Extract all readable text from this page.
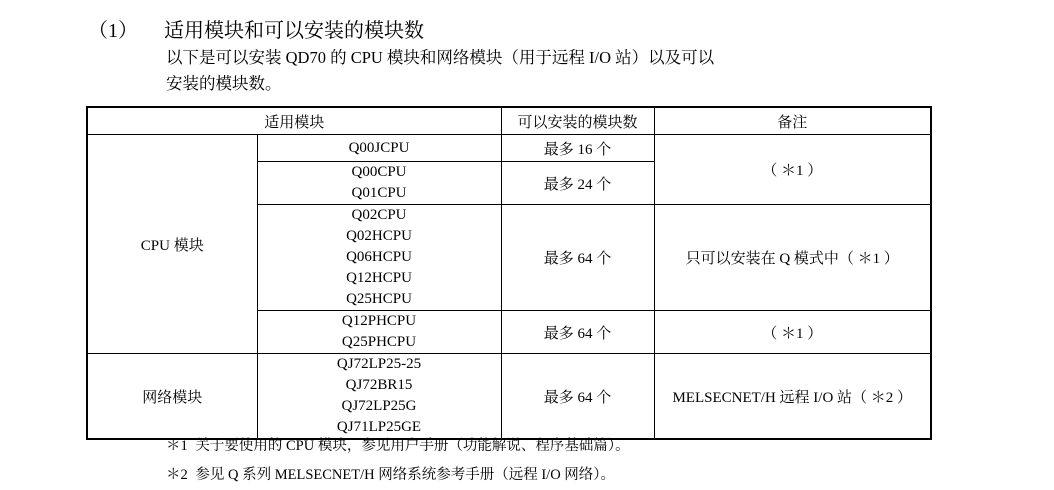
（1） 适用模块和可以安装的模块数
以下是可以安装 QD70 的 CPU 模块和网络模块（用于远程 I/O 站）以及可以
安装的模块数。
适用模块		可以安装的模块数	备注
CPU 模块	Q00JCPU	最多 16 个	（ ＊1 ）

	Q00CPU
Q01CPU	最多 24 个	

	Q02CPU
Q02HCPU
Q06HCPU
Q12HCPU
Q25HCPU	最多 64 个	只可以安装在 Q 模式中（ ＊1 ）

	Q12PHCPU
Q25PHCPU	最多 64 个	（ ＊1 ）
网络模块	QJ72LP25-25
QJ72BR15
QJ72LP25G
QJ71LP25GE	最多 64 个	MELSECNET/H 远程 I/O 站（ ＊2 ）
＊1 关于要使用的 CPU 模块，参见用户手册（功能解说、程序基础篇）。
＊2 参见 Q 系列 MELSECNET/H 网络系统参考手册（远程 I/O 网络）。
